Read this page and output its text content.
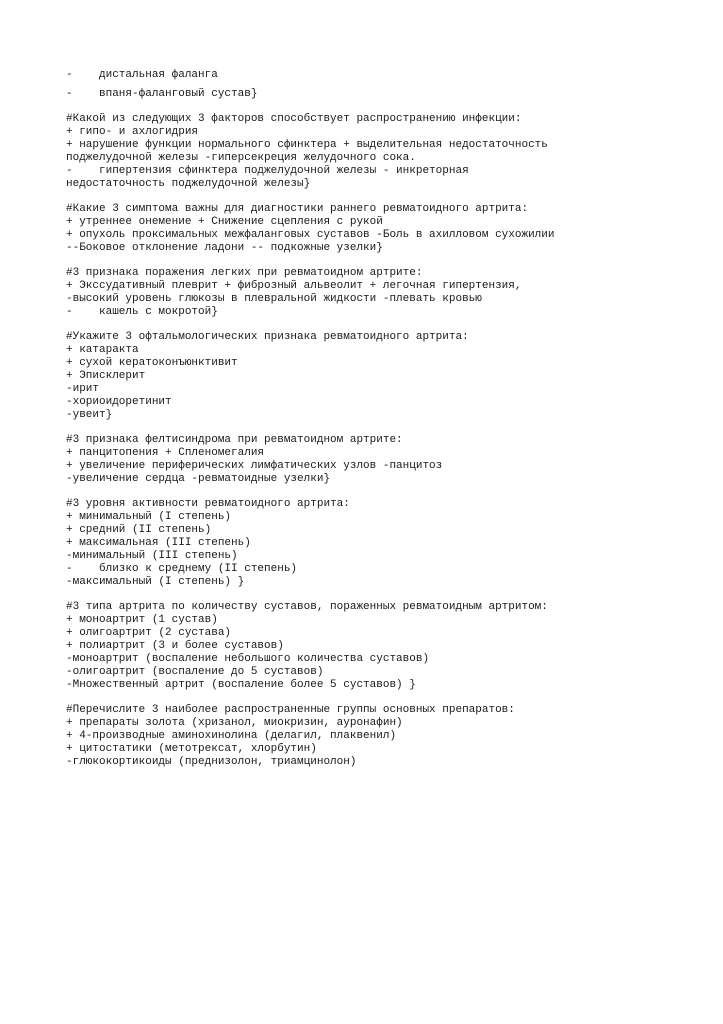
-    дистальная фаланга
-    впаня-фаланговый сустав}
#Какой из следующих 3 факторов способствует распространению инфекции:
+ гипо- и ахлогидрия
+ нарушение функции нормального сфинктера + выделительная недостаточность
поджелудочной железы -гиперсекреция желудочного сока.
-    гипертензия сфинктера поджелудочной железы - инкреторная
недостаточность поджелудочной железы}
#Какие 3 симптома важны для диагностики раннего ревматоидного артрита:
+ утреннее онемение + Снижение сцепления с рукой
+ опухоль проксимальных межфаланговых суставов -Боль в ахилловом сухожилии
--Боковое отклонение ладони -- подкожные узелки}
#3 признака поражения легких при ревматоидном артрите:
+ Экссудативный плеврит + фиброзный альвеолит + легочная гипертензия,
-высокий уровень глюкозы в плевральной жидкости -плевать кровью
-    кашель с мокротой}
#Укажите 3 офтальмологических признака ревматоидного артрита:
+ катаракта
+ сухой кератоконъюнктивит
+ Эписклерит
-ирит
-хориоидоретинит
-увеит}
#3 признака фелтисиндрома при ревматоидном артрите:
+ панцитопения + Спленомегалия
+ увеличение периферических лимфатических узлов -панцитоз
-увеличение сердца -ревматоидные узелки}
#3 уровня активности ревматоидного артрита:
+ минимальный (I степень)
+ средний (II степень)
+ максимальная (III степень)
-минимальный (III степень)
-    близко к среднему (II степень)
-максимальный (I степень) }
#3 типа артрита по количеству суставов, пораженных ревматоидным артритом:
+ моноартрит (1 сустав)
+ олигоартрит (2 сустава)
+ полиартрит (3 и более суставов)
-моноартрит (воспаление небольшого количества суставов)
-олигоартрит (воспаление до 5 суставов)
-Множественный артрит (воспаление более 5 суставов) }
#Перечислите 3 наиболее распространенные группы основных препаратов:
+ препараты золота (хризанол, миокризин, ауронафин)
+ 4-производные аминохинолина (делагил, плаквенил)
+ цитостатики (метотрексат, хлорбутин)
-глюкокортикоиды (преднизолон, триамцинолон)
